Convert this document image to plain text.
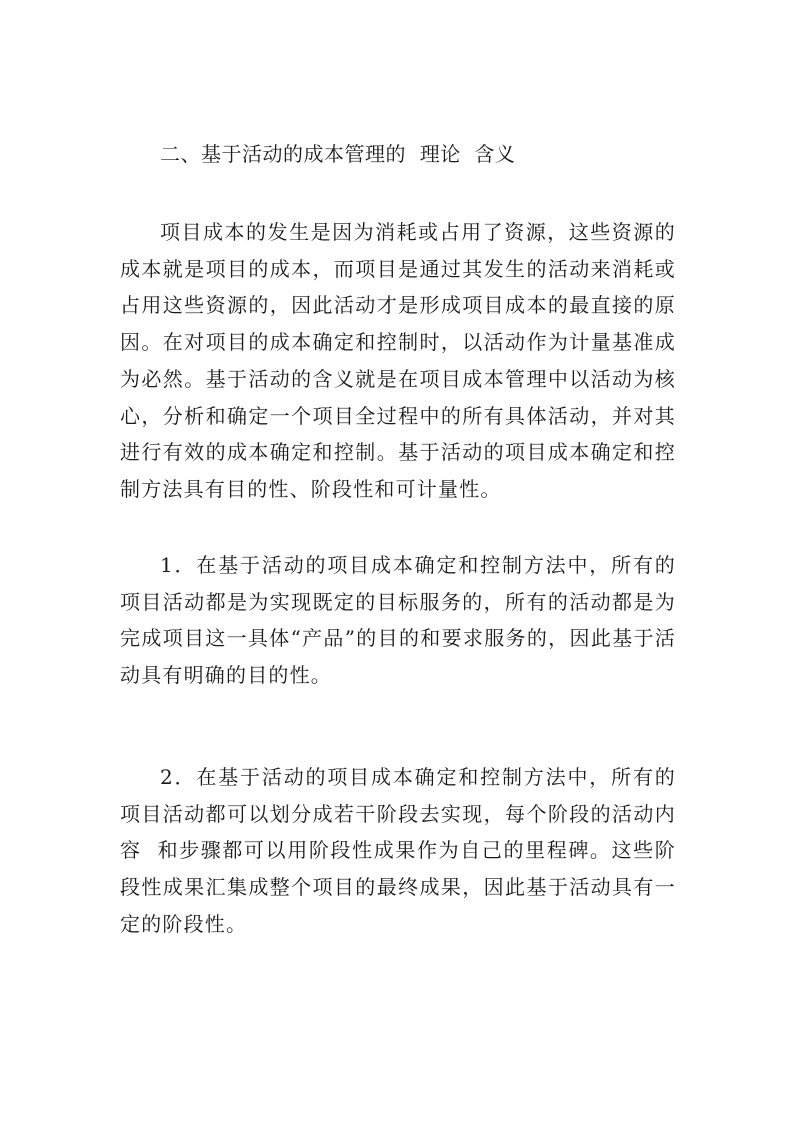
二、基于活动的成本管理的  理论  含义

项目成本的发生是因为消耗或占用了资源，这些资源的成本就是项目的成本，而项目是通过其发生的活动来消耗或占用这些资源的，因此活动才是形成项目成本的最直接的原因。在对项目的成本确定和控制时，以活动作为计量基准成为必然。基于活动的含义就是在项目成本管理中以活动为核心，分析和确定一个项目全过程中的所有具体活动，并对其进行有效的成本确定和控制。基于活动的项目成本确定和控制方法具有目的性、阶段性和可计量性。

1．在基于活动的项目成本确定和控制方法中，所有的项目活动都是为实现既定的目标服务的，所有的活动都是为完成项目这一具体“产品”的目的和要求服务的，因此基于活动具有明确的目的性。

2．在基于活动的项目成本确定和控制方法中，所有的项目活动都可以划分成若干阶段去实现，每个阶段的活动内容  和步骤都可以用阶段性成果作为自己的里程碑。这些阶段性成果汇集成整个项目的最终成果，因此基于活动具有一定的阶段性。
